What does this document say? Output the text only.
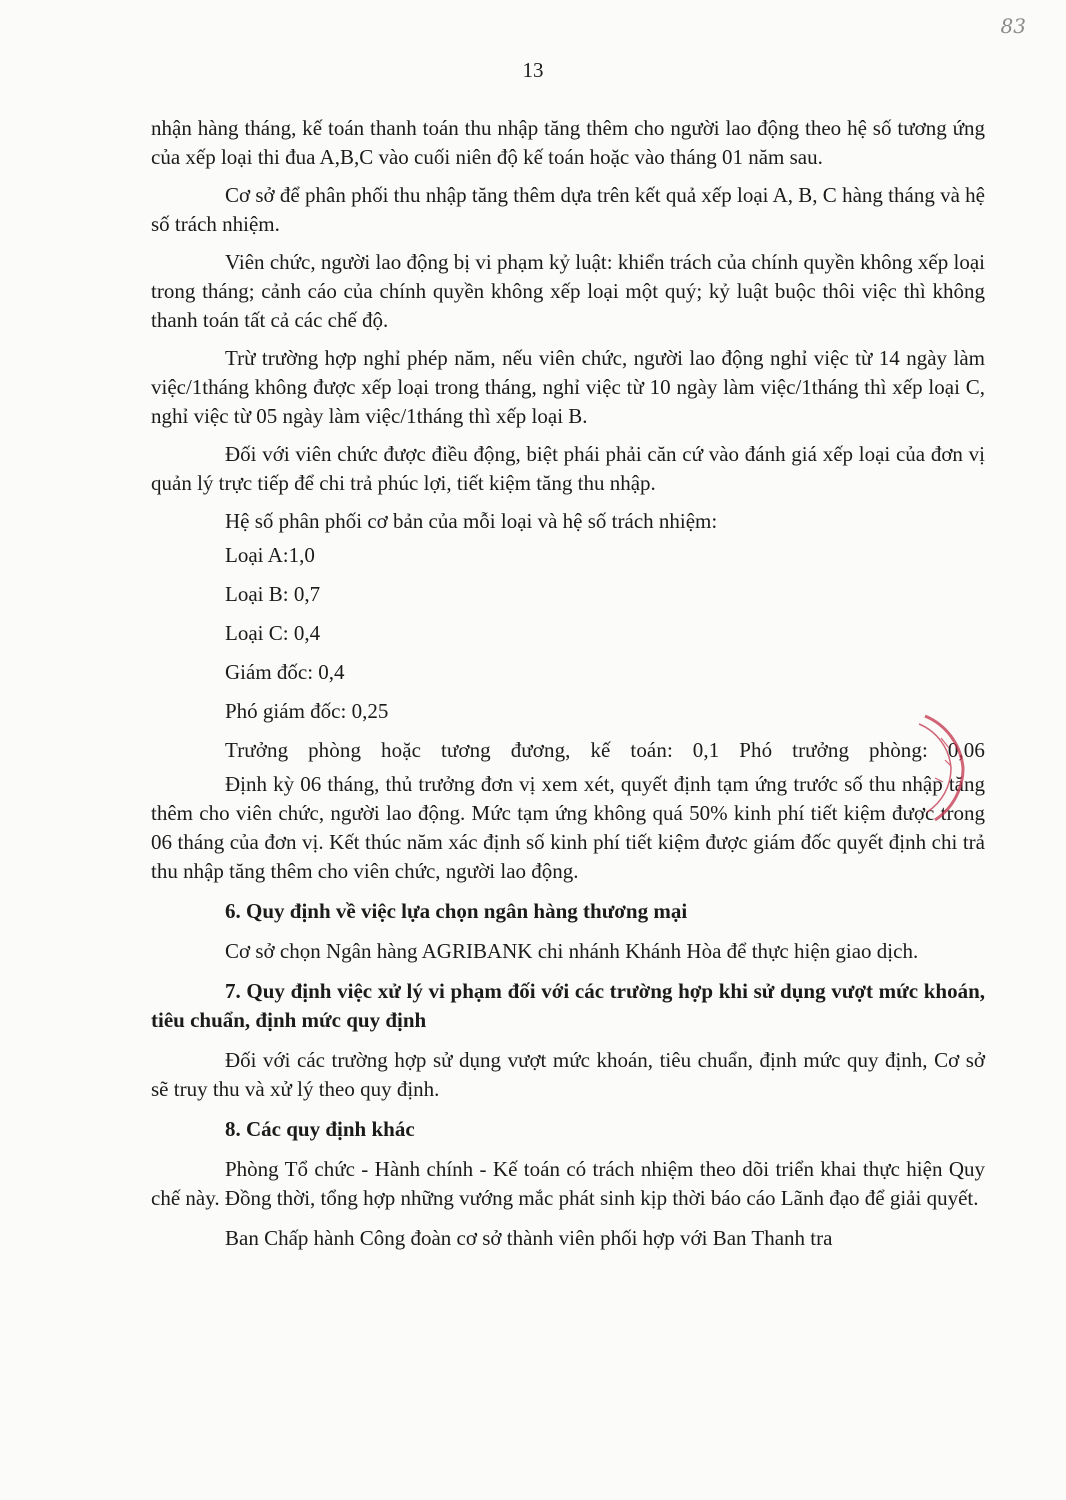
83
13

nhận hàng tháng, kế toán thanh toán thu nhập tăng thêm cho người lao động theo hệ số tương ứng của xếp loại thi đua A,B,C vào cuối niên độ kế toán hoặc vào tháng 01 năm sau.

Cơ sở để phân phối thu nhập tăng thêm dựa trên kết quả xếp loại A, B, C hàng tháng và hệ số trách nhiệm.

Viên chức, người lao động bị vi phạm kỷ luật: khiển trách của chính quyền không xếp loại trong tháng; cảnh cáo của chính quyền không xếp loại một quý; kỷ luật buộc thôi việc thì không thanh toán tất cả các chế độ.

Trừ trường hợp nghỉ phép năm, nếu viên chức, người lao động nghỉ việc từ 14 ngày làm việc/1tháng không được xếp loại trong tháng, nghỉ việc từ 10 ngày làm việc/1tháng thì xếp loại C, nghỉ việc từ 05 ngày làm việc/1tháng thì xếp loại B.

Đối với viên chức được điều động, biệt phái phải căn cứ vào đánh giá xếp loại của đơn vị quản lý trực tiếp để chi trả phúc lợi, tiết kiệm tăng thu nhập.

Hệ số phân phối cơ bản của mỗi loại và hệ số trách nhiệm:

Loại A:1,0
Loại B: 0,7
Loại C: 0,4
Giám đốc: 0,4
Phó giám đốc: 0,25
Trưởng phòng hoặc tương đương, kế toán: 0,1 Phó trưởng phòng: 0,06

Định kỳ 06 tháng, thủ trưởng đơn vị xem xét, quyết định tạm ứng trước số thu nhập tăng thêm cho viên chức, người lao động. Mức tạm ứng không quá 50% kinh phí tiết kiệm được trong 06 tháng của đơn vị. Kết thúc năm xác định số kinh phí tiết kiệm được giám đốc quyết định chi trả thu nhập tăng thêm cho viên chức, người lao động.

6. Quy định về việc lựa chọn ngân hàng thương mại

Cơ sở chọn Ngân hàng AGRIBANK chi nhánh Khánh Hòa để thực hiện giao dịch.

7. Quy định việc xử lý vi phạm đối với các trường hợp khi sử dụng vượt mức khoán, tiêu chuẩn, định mức quy định

Đối với các trường hợp sử dụng vượt mức khoán, tiêu chuẩn, định mức quy định, Cơ sở sẽ truy thu và xử lý theo quy định.

8. Các quy định khác

Phòng Tổ chức - Hành chính - Kế toán có trách nhiệm theo dõi triển khai thực hiện Quy chế này. Đồng thời, tổng hợp những vướng mắc phát sinh kịp thời báo cáo Lãnh đạo để giải quyết.

Ban Chấp hành Công đoàn cơ sở thành viên phối hợp với Ban Thanh tra
